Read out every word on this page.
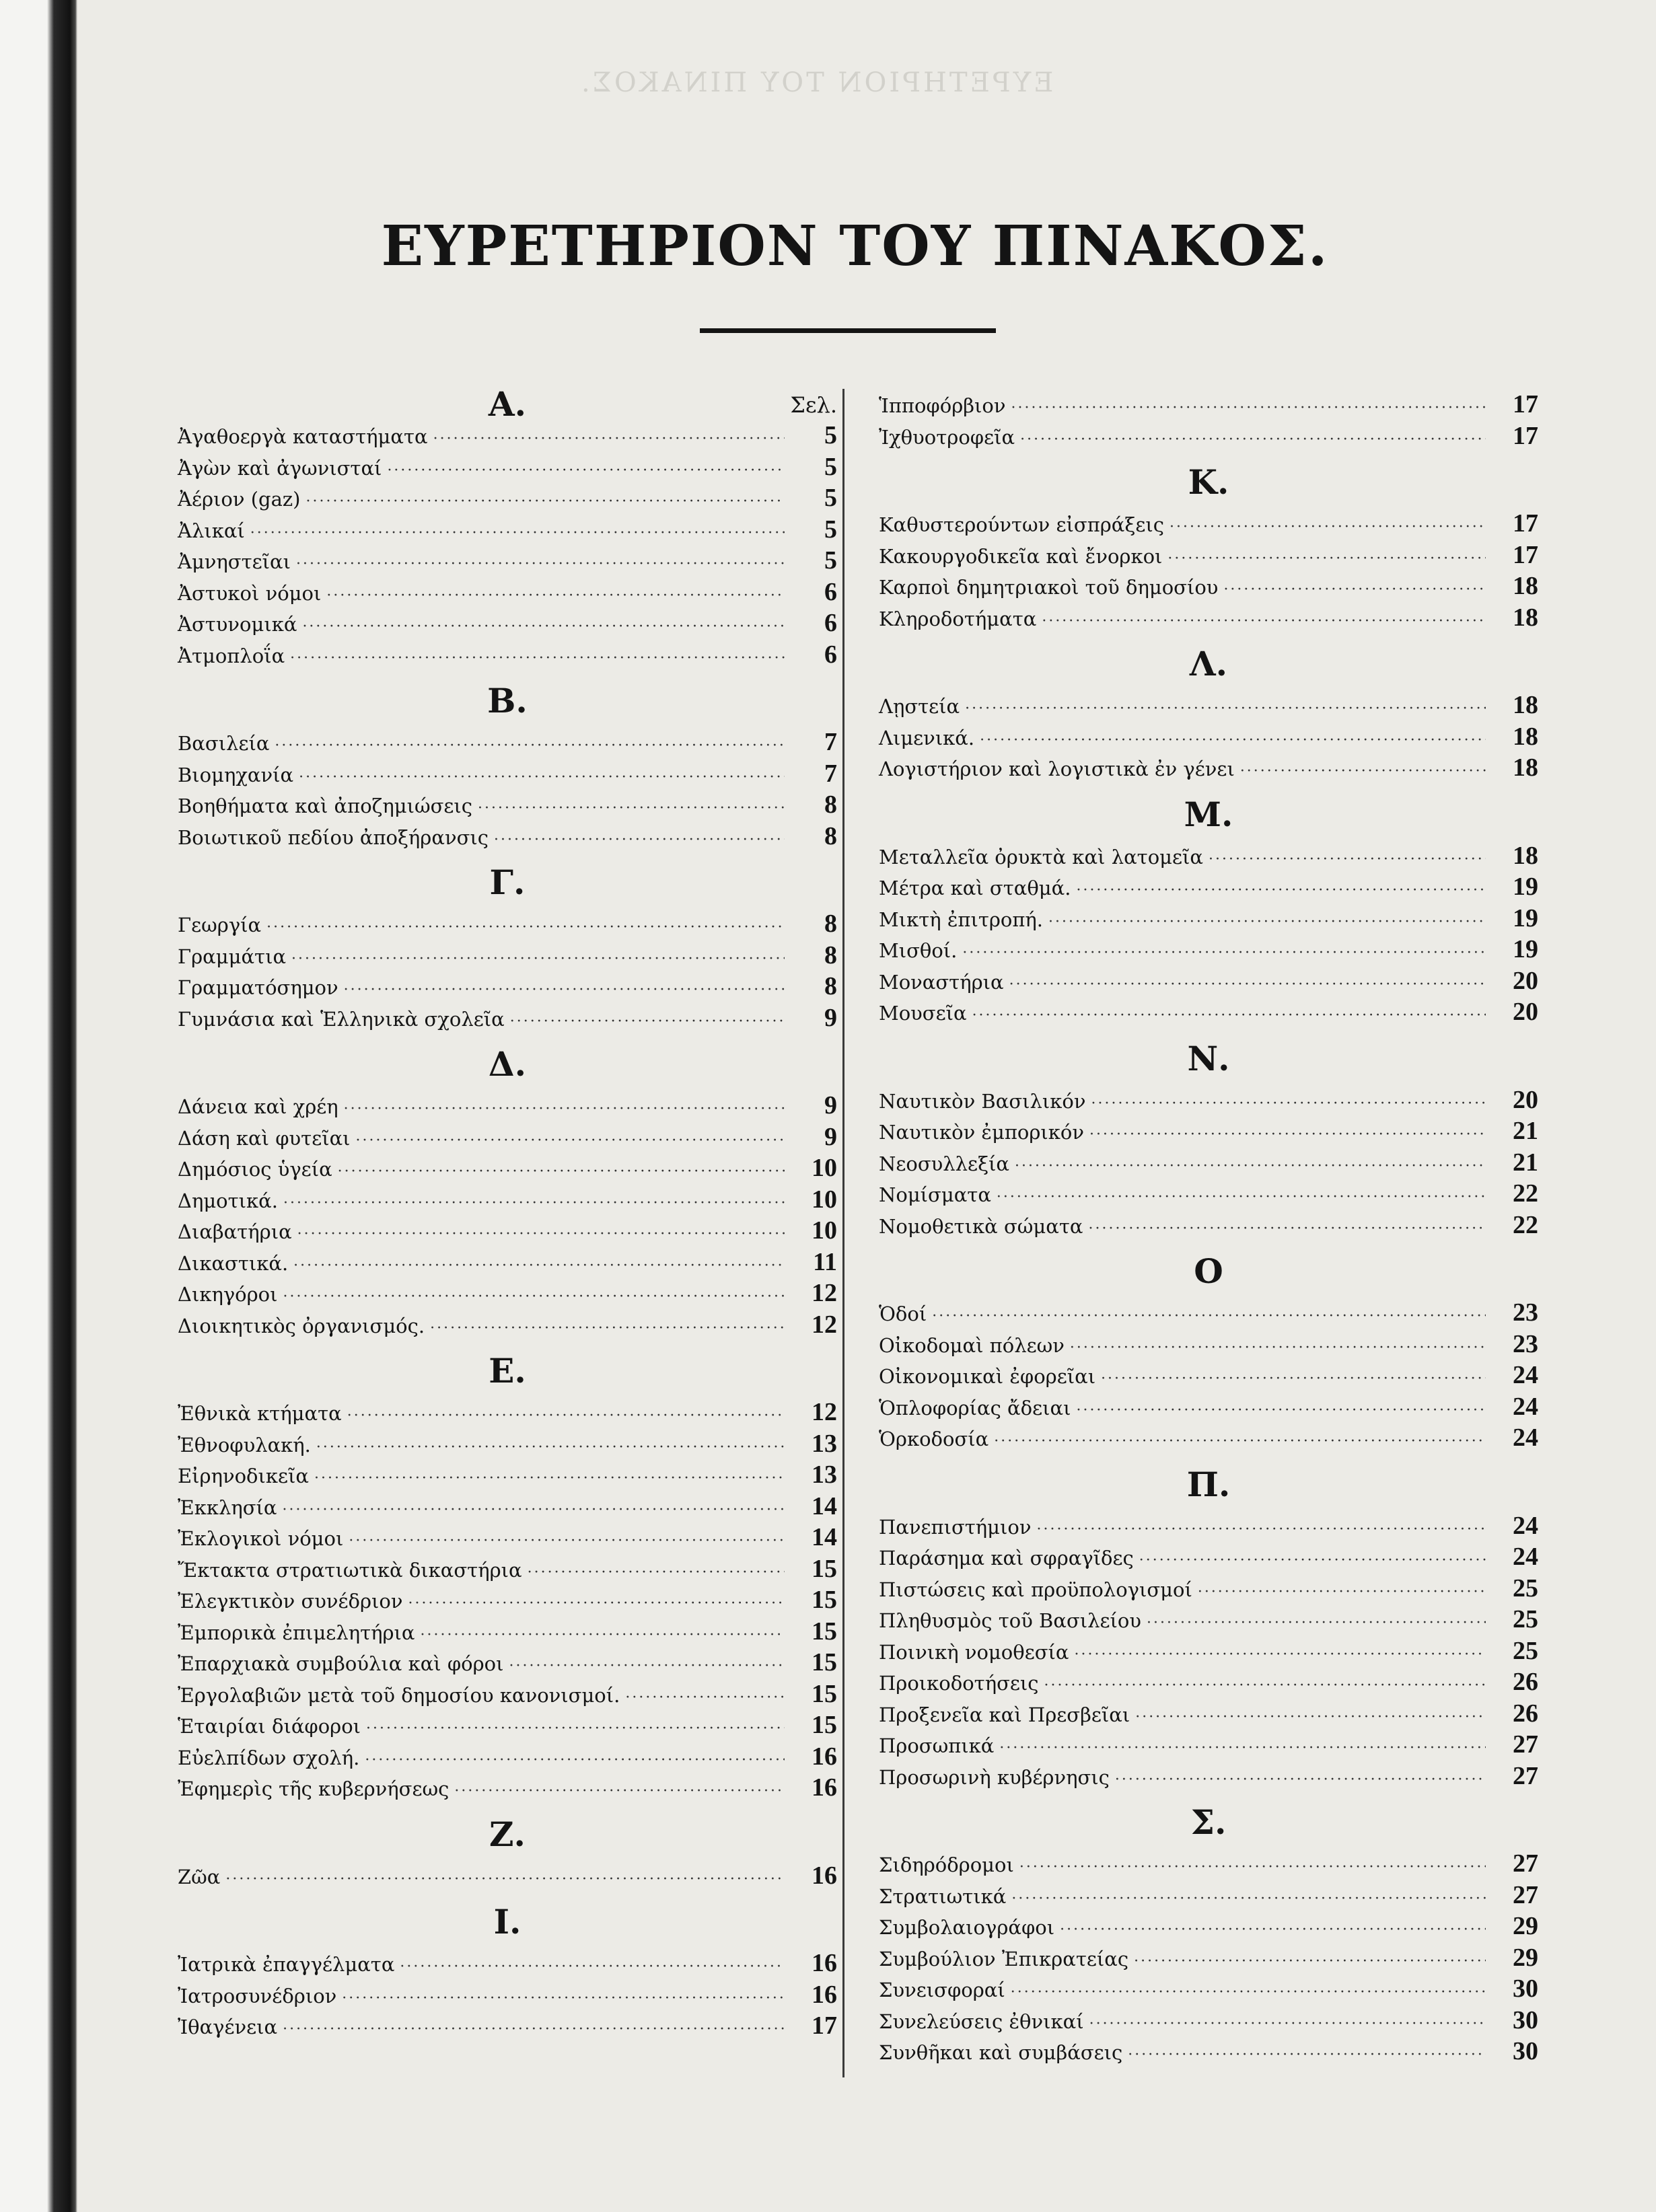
ΕΥΡΕΤΗΡΙΟΝ ΤΟΥ ΠΙΝΑΚΟΣ.
ΕΥΡΕΤΗΡΙΟΝ ΤΟΥ ΠΙΝΑΚΟΣ.
Α.	Σελ.
Ἀγαθοεργὰ καταστήματα ·····	5
Ἀγὼν καὶ ἀγωνισταί ·····	5
Ἀέριον (gaz) ·····	5
Ἀλικαί ·····	5
Ἀμνηστεῖαι ·····	5
Ἀστυκοὶ νόμοι ·····	6
Ἀστυνομικά ·····	6
Ἀτμοπλοΐα ·····	6
Β.
Βασιλεία ·····	7
Βιομηχανία ·····	7
Βοηθήματα καὶ ἀποζημιώσεις ·····	8
Βοιωτικοῦ πεδίου ἀποξήρανσις ·····	8
Γ.
Γεωργία ·····	8
Γραμμάτια ·····	8
Γραμματόσημον ·····	8
Γυμνάσια καὶ Ἑλληνικὰ σχολεῖα ·····	9
Δ.
Δάνεια καὶ χρέη ·····	9
Δάση καὶ φυτεῖαι ·····	9
Δημόσιος ὑγεία ·····	10
Δημοτικά. ·····	10
Διαβατήρια ·····	10
Δικαστικά. ·····	11
Δικηγόροι ·····	12
Διοικητικὸς ὀργανισμός. ·····	12
Ε.
Ἐθνικὰ κτήματα ·····	12
Ἐθνοφυλακή. ·····	13
Εἰρηνοδικεῖα ·····	13
Ἐκκλησία ·····	14
Ἐκλογικοὶ νόμοι ·····	14
Ἔκτακτα στρατιωτικὰ δικαστήρια ·····	15
Ἐλεγκτικὸν συνέδριον ·····	15
Ἐμπορικὰ ἐπιμελητήρια ·····	15
Ἐπαρχιακὰ συμβούλια καὶ φόροι ·····	15
Ἐργολαβιῶν μετὰ τοῦ δημοσίου κανονισμοί. ·····	15
Ἑταιρίαι διάφοροι ·····	15
Εὐελπίδων σχολή. ·····	16
Ἐφημερὶς τῆς κυβερνήσεως ·····	16
Ζ.
Ζῶα ·····	16
Ι.
Ἰατρικὰ ἐπαγγέλματα ·····	16
Ἰατροσυνέδριον ·····	16
Ἰθαγένεια ·····	17
Ἱπποφόρβιον ·····	17
Ἰχθυοτροφεῖα ·····	17
Κ.
Καθυστερούντων εἰσπράξεις ·····	17
Κακουργοδικεῖα καὶ ἔνορκοι ·····	17
Καρποὶ δημητριακοὶ τοῦ δημοσίου ·····	18
Κληροδοτήματα ·····	18
Λ.
Λῃστεία ·····	18
Λιμενικά. ·····	18
Λογιστήριον καὶ λογιστικὰ ἐν γένει ·····	18
Μ.
Μεταλλεῖα ὀρυκτὰ καὶ λατομεῖα ·····	18
Μέτρα καὶ σταθμά. ·····	19
Μικτὴ ἐπιτροπή. ·····	19
Μισθοί. ·····	19
Μοναστήρια ·····	20
Μουσεῖα ·····	20
Ν.
Ναυτικὸν Βασιλικόν ·····	20
Ναυτικὸν ἐμπορικόν ·····	21
Νεοσυλλεξία ·····	21
Νομίσματα ·····	22
Νομοθετικὰ σώματα ·····	22
Ο
Ὁδοί ·····	23
Οἰκοδομαὶ πόλεων ·····	23
Οἰκονομικαὶ ἐφορεῖαι ·····	24
Ὁπλοφορίας ἄδειαι ·····	24
Ὁρκοδοσία ·····	24
Π.
Πανεπιστήμιον ·····	24
Παράσημα καὶ σφραγῖδες ·····	24
Πιστώσεις καὶ προϋπολογισμοί ·····	25
Πληθυσμὸς τοῦ Βασιλείου ·····	25
Ποινικὴ νομοθεσία ·····	25
Προικοδοτήσεις ·····	26
Προξενεῖα καὶ Πρεσβεῖαι ·····	26
Προσωπικά ·····	27
Προσωρινὴ κυβέρνησις ·····	27
Σ.
Σιδηρόδρομοι ·····	27
Στρατιωτικά ·····	27
Συμβολαιογράφοι ·····	29
Συμβούλιον Ἐπικρατείας ·····	29
Συνεισφοραί ·····	30
Συνελεύσεις ἐθνικαί ·····	30
Συνθῆκαι καὶ συμβάσεις ·····	30
